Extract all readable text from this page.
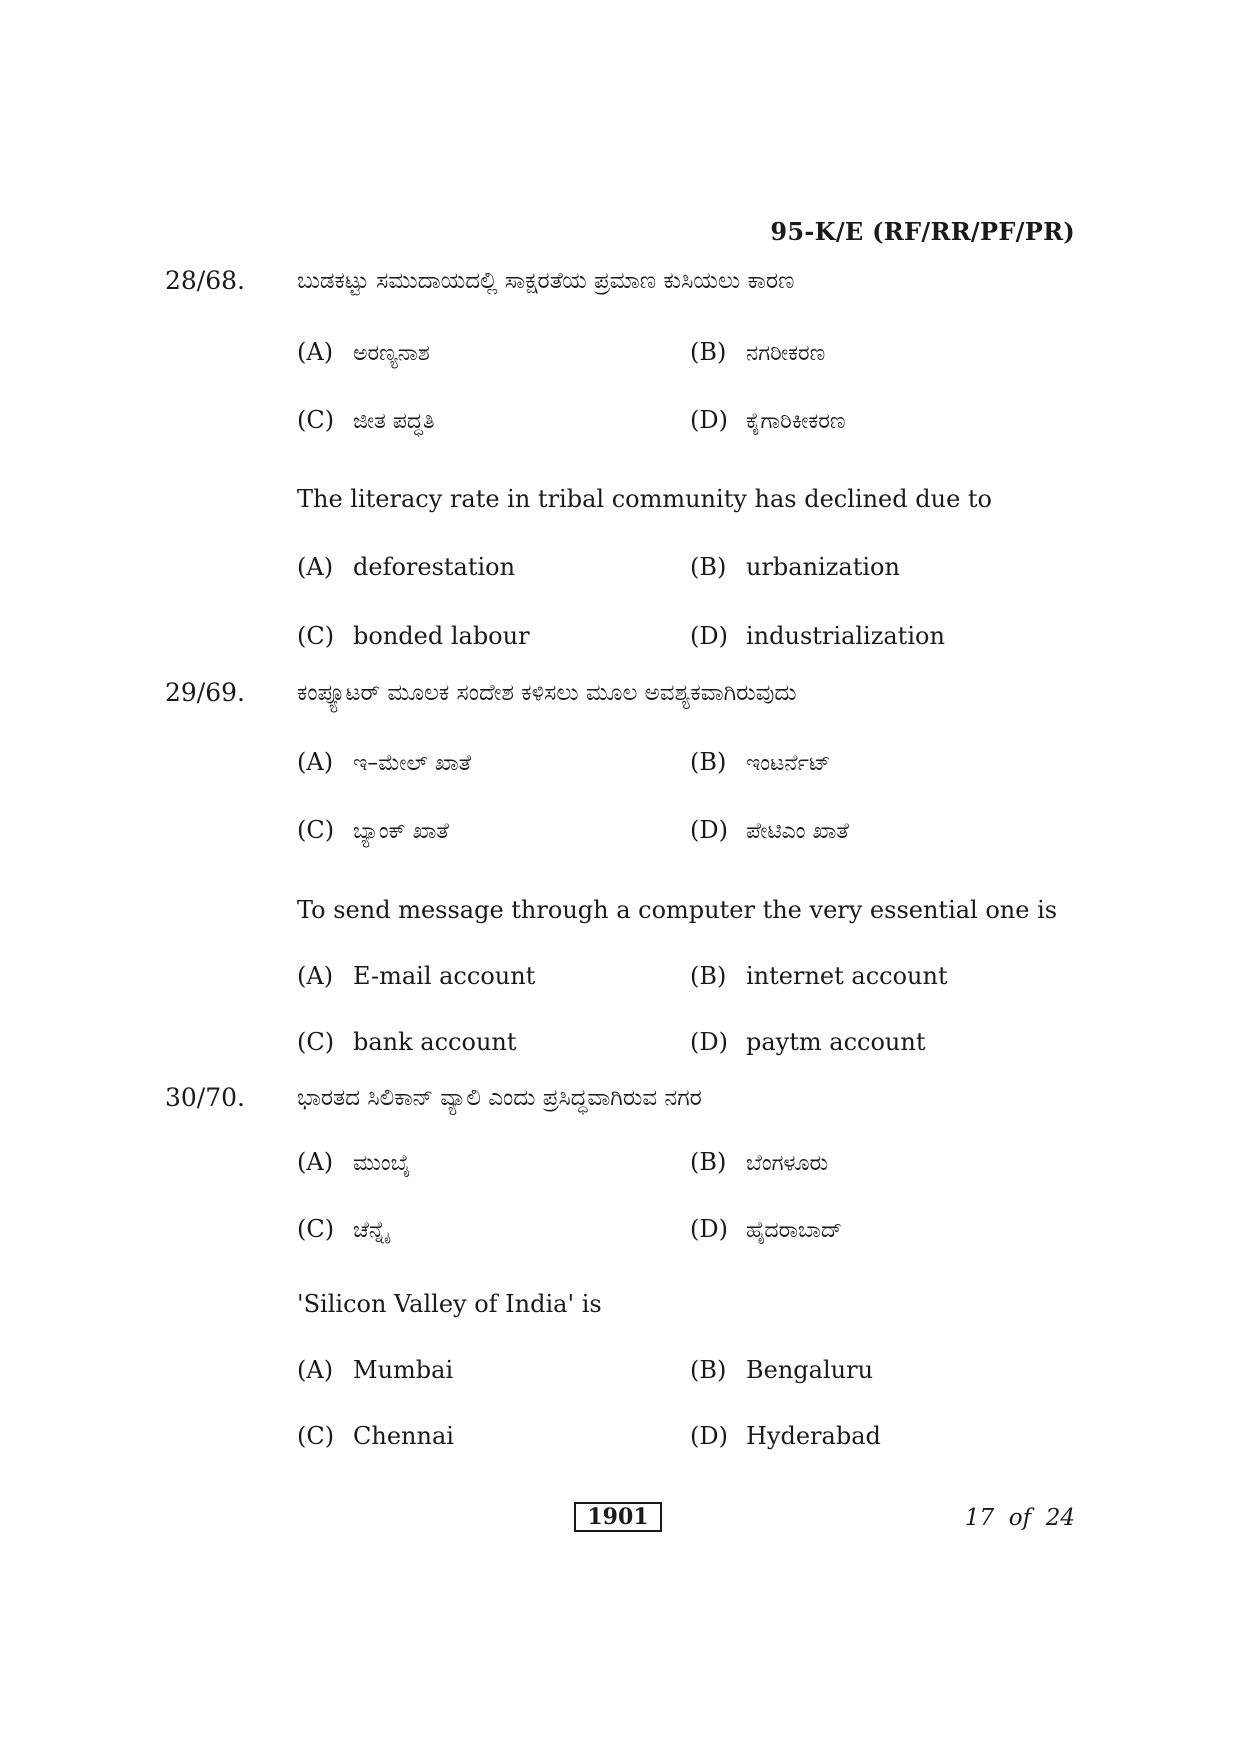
95-K/E (RF/RR/PF/PR)
28/68. ಬುಡಕಟ್ಟು ಸಮುದಾಯದಲ್ಲಿ ಸಾಕ್ಷರತೆಯ ಪ್ರಮಾಣ ಕುಸಿಯಲು ಕಾರಣ
(A) ಅರಣ್ಯನಾಶ	(B) ನಗರೀಕರಣ
(C) ಜೀತ ಪದ್ಧತಿ	(D) ಕೈಗಾರಿಕೀಕರಣ
The literacy rate in tribal community has declined due to
(A) deforestation	(B) urbanization
(C) bonded labour	(D) industrialization
29/69. ಕಂಪ್ಯೂಟರ್ ಮೂಲಕ ಸಂದೇಶ ಕಳಿಸಲು ಮೂಲ ಅವಶ್ಯಕವಾಗಿರುವುದು
(A) ಇ–ಮೇಲ್ ಖಾತೆ	(B) ಇಂಟರ್ನೆಟ್
(C) ಬ್ಯಾಂಕ್ ಖಾತೆ	(D) ಪೇಟಿಎಂ ಖಾತೆ
To send message through a computer the very essential one is
(A) E-mail account	(B) internet account
(C) bank account	(D) paytm account
30/70. ಭಾರತದ ಸಿಲಿಕಾನ್ ವ್ಯಾಲಿ ಎಂದು ಪ್ರಸಿದ್ಧವಾಗಿರುವ ನಗರ
(A) ಮುಂಬೈ	(B) ಬೆಂಗಳೂರು
(C) ಚೆನ್ನೈ	(D) ಹೈದರಾಬಾದ್
'Silicon Valley of India' is
(A) Mumbai	(B) Bengaluru
(C) Chennai	(D) Hyderabad
1901	17  of  24
